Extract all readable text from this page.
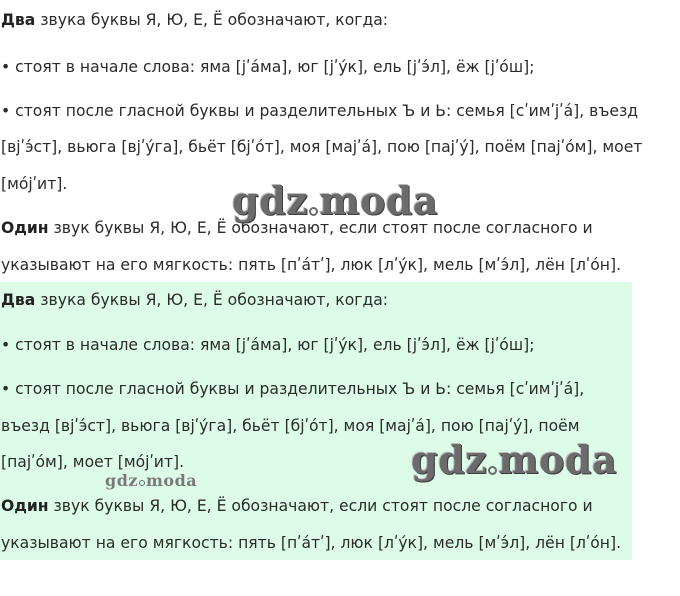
Два звука буквы Я, Ю, Е, Ё обозначают, когда:

• стоят в начале слова: яма [jʹáма], юг [jʹýк], ель [jʹэ́л], ёж [jʹóш];

• стоят после гласной буквы и разделительных Ъ и Ь: семья [сʹимʹjʹá], въезд

[вjʹэ́ст], вьюга [вjʹýга], бьёт [бjʹóт], моя [маjʹá], пою [паjʹý], поём [паjʹóм], моет

[мójʹит].

Один звук буквы Я, Ю, Е, Ё обозначают, если стоят после согласного и

указывают на его мягкость: пять [пʹáтʹ], люк [лʹýк], мель [мʹэ́л], лён [лʹóн].

Два звука буквы Я, Ю, Е, Ё обозначают, когда:

• стоят в начале слова: яма [jʹáма], юг [jʹýк], ель [jʹэ́л], ёж [jʹóш];

• стоят после гласной буквы и разделительных Ъ и Ь: семья [сʹимʹjʹá],

въезд [вjʹэ́ст], вьюга [вjʹýга], бьёт [бjʹóт], моя [маjʹá], пою [паjʹý], поём

[паjʹóм], моет [мójʹит].

Один звук буквы Я, Ю, Е, Ё обозначают, если стоят после согласного и

указывают на его мягкость: пять [пʹáтʹ], люк [лʹýк], мель [мʹэ́л], лён [лʹóн].

gdz moda
gdz moda
gdz moda
